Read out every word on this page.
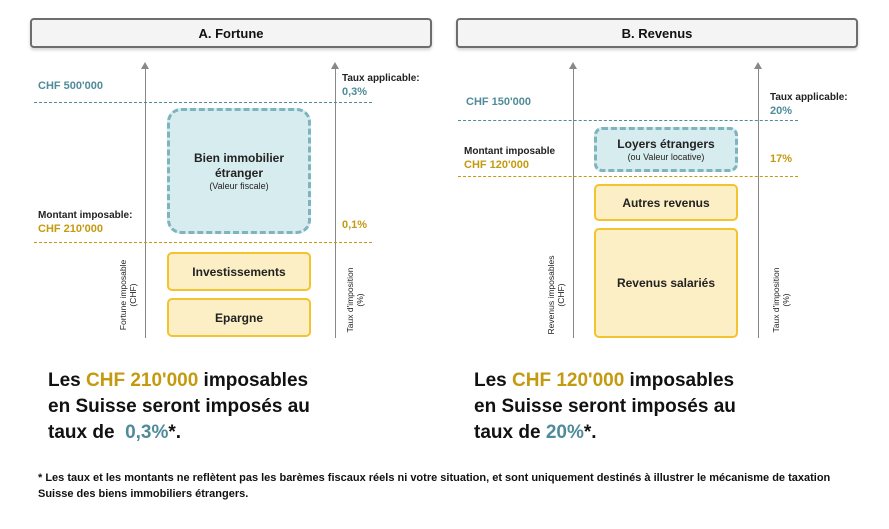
A. Fortune
Fortune imposable (CHF)	Taux d'imposition (%)
CHF 500'000
Taux applicable:
0,3%
Montant imposable:
CHF 210'000	0,1%
Bien immobilier étranger
(Valeur fiscale)
Investissements
Epargne
Les CHF 210'000 imposables
en Suisse seront imposés au
taux de  0,3%*.
B. Revenus
Revenus imposables (CHF)	Taux d'imposition (%)
CHF 150'000	Taux applicable:
20%
Montant imposable
CHF 120'000	17%
Loyers étrangers
(ou Valeur locative)
Autres revenus
Revenus salariés
Les CHF 120'000 imposables
en Suisse seront imposés au
taux de 20%*.
* Les taux et les montants ne reflètent pas les barèmes fiscaux réels ni votre situation, et sont uniquement destinés à illustrer le mécanisme de taxation Suisse des biens immobiliers étrangers.
